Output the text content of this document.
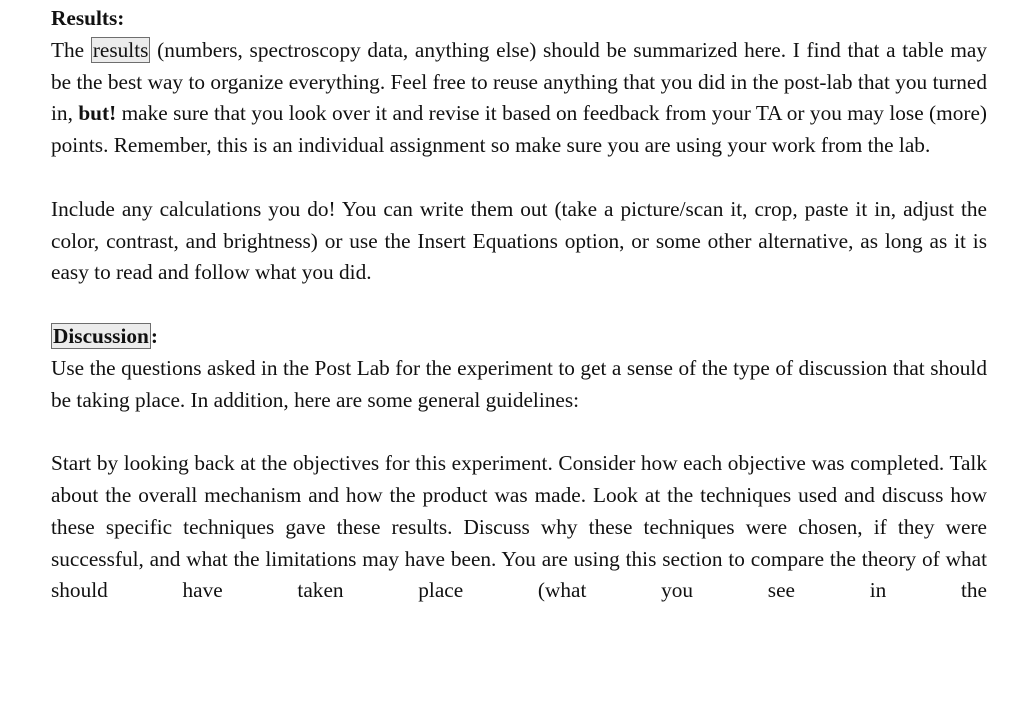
Results:

The results (numbers, spectroscopy data, anything else) should be summarized here. I find that a table may be the best way to organize everything. Feel free to reuse anything that you did in the post-lab that you turned in, but! make sure that you look over it and revise it based on feedback from your TA or you may lose (more) points. Remember, this is an individual assignment so make sure you are using your work from the lab.

Include any calculations you do! You can write them out (take a picture/scan it, crop, paste it in, adjust the color, contrast, and brightness) or use the Insert Equations option, or some other alternative, as long as it is easy to read and follow what you did.

Discussion:

Use the questions asked in the Post Lab for the experiment to get a sense of the type of discussion that should be taking place. In addition, here are some general guidelines:

Start by looking back at the objectives for this experiment. Consider how each objective was completed. Talk about the overall mechanism and how the product was made. Look at the techniques used and discuss how these specific techniques gave these results. Discuss why these techniques were chosen, if they were successful, and what the limitations may have been. You are using this section to compare the theory of what should have taken place (what you see in the
